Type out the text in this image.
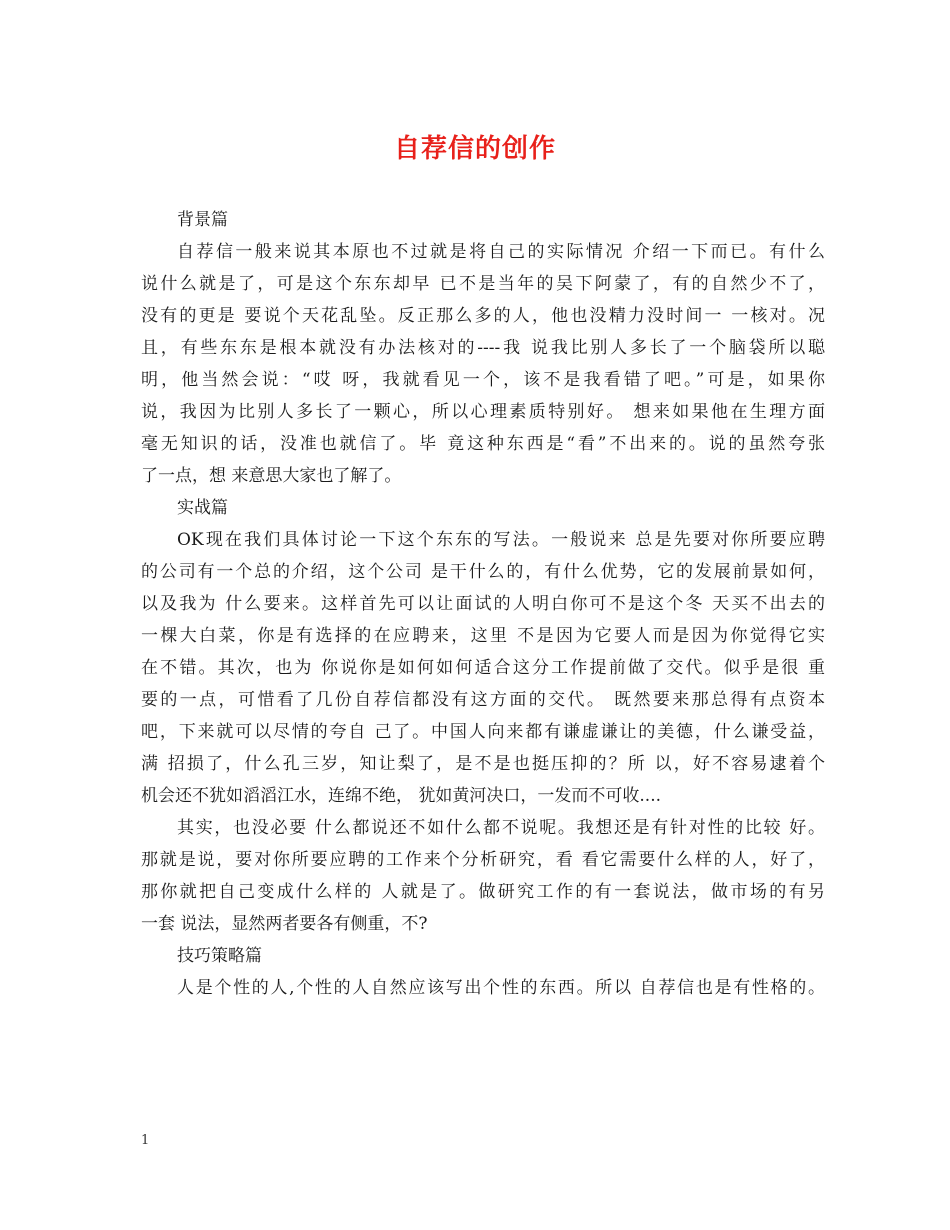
自荐信的创作
背景篇
自荐信一般来说其本原也不过就是将自己的实际情况 介绍一下而已。有什么
说什么就是了，可是这个东东却早 已不是当年的吴下阿蒙了，有的自然少不了，
没有的更是 要说个天花乱坠。反正那么多的人，他也没精力没时间一 一核对。况
且，有些东东是根本就没有办法核对的----我 说我比别人多长了一个脑袋所以聪
明，他当然会说：“哎 呀，我就看见一个，该不是我看错了吧。”可是，如果你
说，我因为比别人多长了一颗心，所以心理素质特别好。 想来如果他在生理方面
毫无知识的话，没准也就信了。毕 竟这种东西是“看”不出来的。说的虽然夸张
了一点，想 来意思大家也了解了。
实战篇
OK现在我们具体讨论一下这个东东的写法。一般说来 总是先要对你所要应聘
的公司有一个总的介绍，这个公司 是干什么的，有什么优势，它的发展前景如何，
以及我为 什么要来。这样首先可以让面试的人明白你可不是这个冬 天买不出去的
一棵大白菜，你是有选择的在应聘来，这里 不是因为它要人而是因为你觉得它实
在不错。其次，也为 你说你是如何如何适合这分工作提前做了交代。似乎是很 重
要的一点，可惜看了几份自荐信都没有这方面的交代。 既然要来那总得有点资本
吧，下来就可以尽情的夸自 己了。中国人向来都有谦虚谦让的美德，什么谦受益，
满 招损了，什么孔三岁，知让梨了，是不是也挺压抑的？所 以，好不容易逮着个
机会还不犹如滔滔江水，连绵不绝， 犹如黄河决口，一发而不可收....
其实，也没必要 什么都说还不如什么都不说呢。我想还是有针对性的比较 好。
那就是说，要对你所要应聘的工作来个分析研究，看 看它需要什么样的人，好了，
那你就把自己变成什么样的 人就是了。做研究工作的有一套说法，做市场的有另
一套 说法，显然两者要各有侧重，不?
技巧策略篇
人是个性的人,个性的人自然应该写出个性的东西。所以 自荐信也是有性格的。
1
